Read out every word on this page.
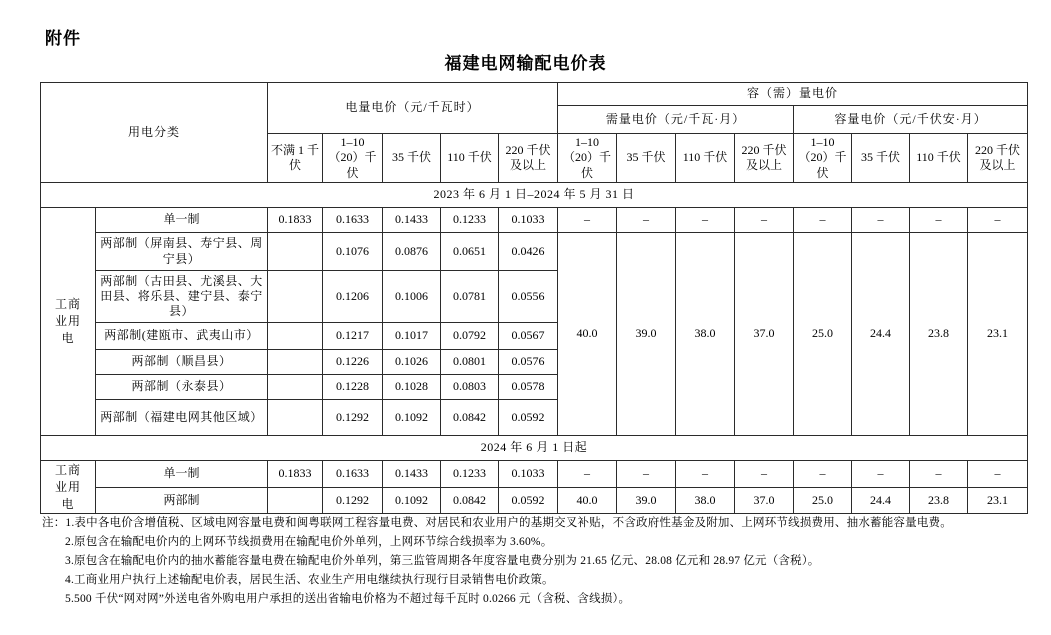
附件
福建电网输配电价表
用电分类		电量电价（元/千瓦时）					容（需）量电价							
							需量电价（元/千瓦·月）				容量电价（元/千伏安·月）			
		不满 1 千伏	1–10（20）千伏	35 千伏	110 千伏	220 千伏及以上	1–10（20）千伏	35 千伏	110 千伏	220 千伏及以上	1–10（20）千伏	35 千伏	110 千伏	220 千伏及以上
2023 年 6 月 1 日–2024 年 5 月 31 日														
工商业用电	单一制	0.1833	0.1633	0.1433	0.1233	0.1033	–	–	–	–	–	–	–	–
	两部制（屏南县、寿宁县、周宁县）		0.1076	0.0876	0.0651	0.0426	40.0	39.0	38.0	37.0	25.0	24.4	23.8	23.1
	两部制（古田县、尤溪县、大田县、将乐县、建宁县、泰宁县）		0.1206	0.1006	0.0781	0.0556								
	两部制(建瓯市、武夷山市）		0.1217	0.1017	0.0792	0.0567								
	两部制（顺昌县）		0.1226	0.1026	0.0801	0.0576								
	两部制（永泰县）		0.1228	0.1028	0.0803	0.0578								
	两部制（福建电网其他区域）		0.1292	0.1092	0.0842	0.0592								
2024 年 6 月 1 日起														
工商业用电	单一制	0.1833	0.1633	0.1433	0.1233	0.1033	–	–	–	–	–	–	–	–
	两部制		0.1292	0.1092	0.0842	0.0592	40.0	39.0	38.0	37.0	25.0	24.4	23.8	23.1
注：1.表中各电价含增值税、区域电网容量电费和闽粤联网工程容量电费、对居民和农业用户的基期交叉补贴，不含政府性基金及附加、上网环节线损费用、抽水蓄能容量电费。
2.原包含在输配电价内的上网环节线损费用在输配电价外单列，上网环节综合线损率为 3.60%。
3.原包含在输配电价内的抽水蓄能容量电费在输配电价外单列，第三监管周期各年度容量电费分别为 21.65 亿元、28.08 亿元和 28.97 亿元（含税）。
4.工商业用户执行上述输配电价表，居民生活、农业生产用电继续执行现行目录销售电价政策。
5.500 千伏“网对网”外送电省外购电用户承担的送出省输电价格为不超过每千瓦时 0.0266 元（含税、含线损）。
